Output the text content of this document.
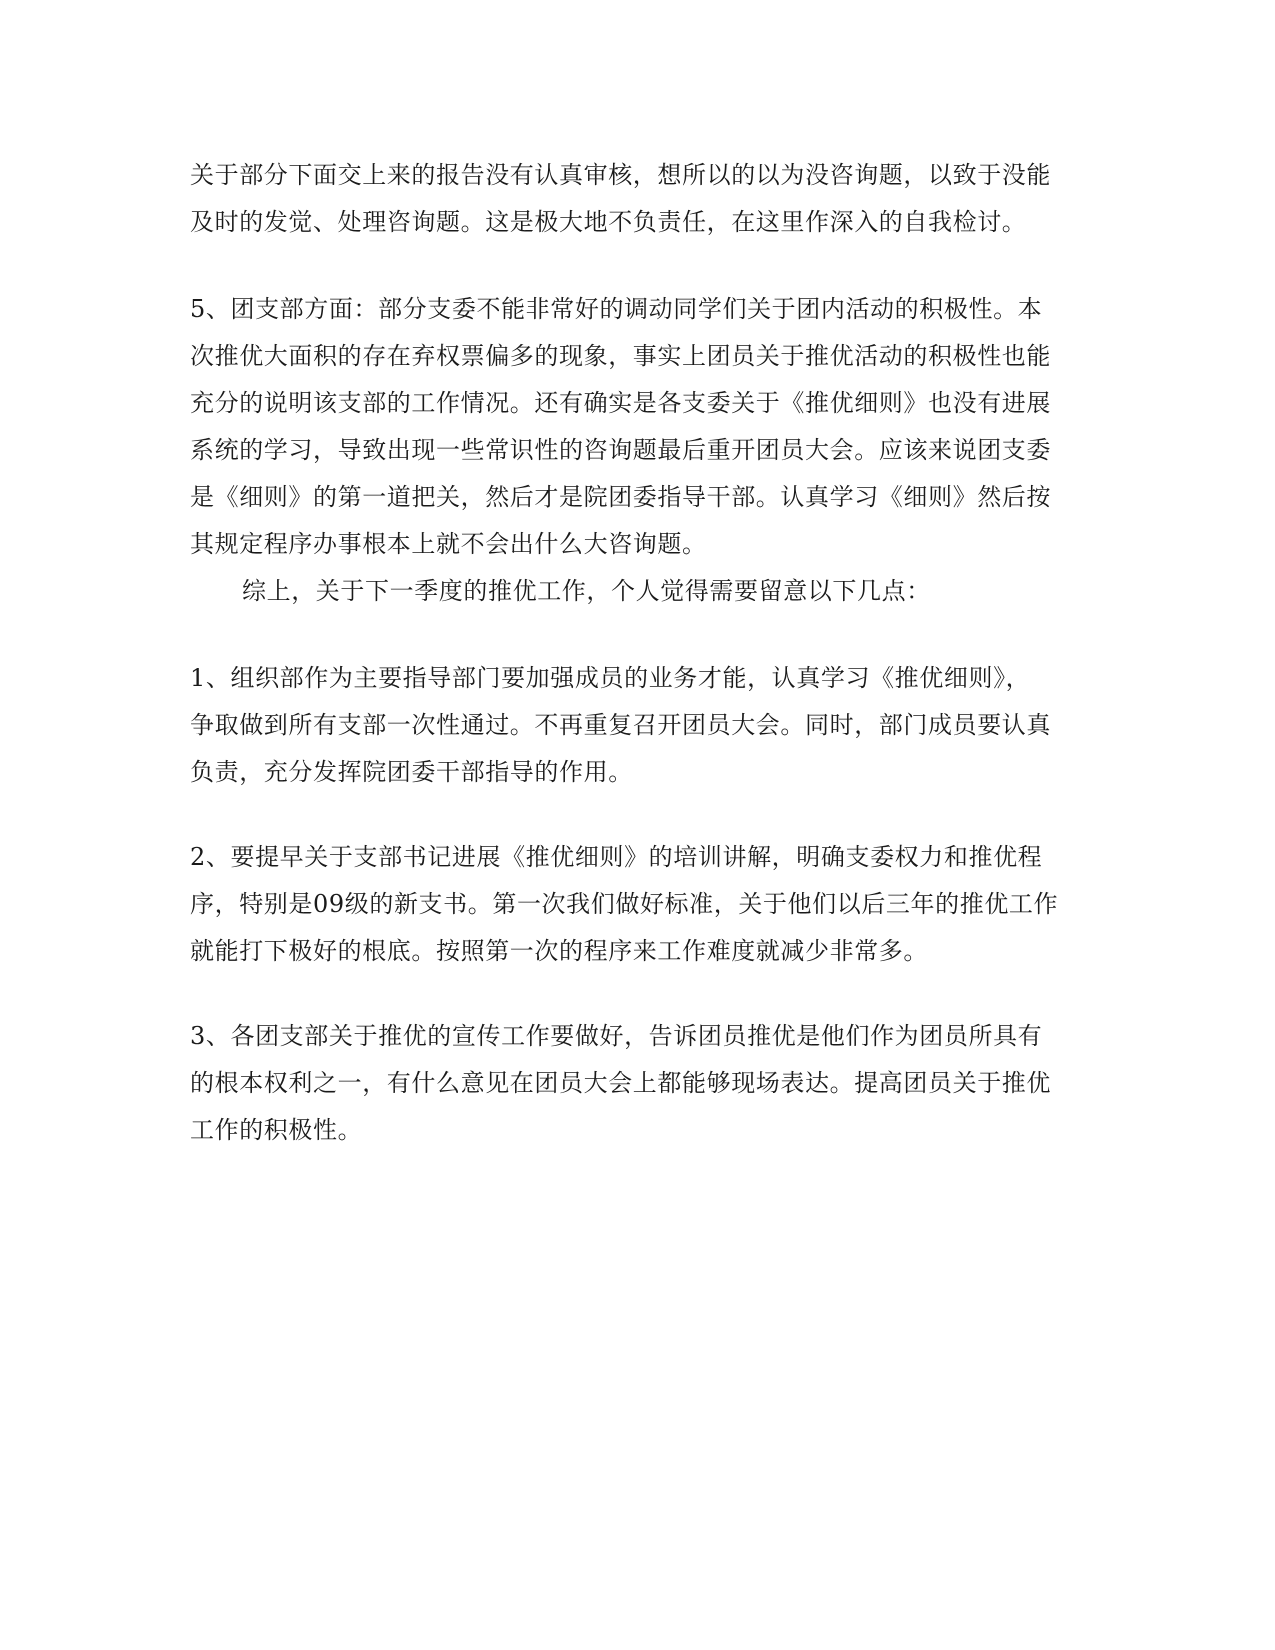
关于部分下面交上来的报告没有认真审核，想所以的以为没咨询题，以致于没能
及时的发觉、处理咨询题。这是极大地不负责任，在这里作深入的自我检讨。
5、团支部方面：部分支委不能非常好的调动同学们关于团内活动的积极性。本
次推优大面积的存在弃权票偏多的现象，事实上团员关于推优活动的积极性也能
充分的说明该支部的工作情况。还有确实是各支委关于《推优细则》也没有进展
系统的学习，导致出现一些常识性的咨询题最后重开团员大会。应该来说团支委
是《细则》的第一道把关，然后才是院团委指导干部。认真学习《细则》然后按
其规定程序办事根本上就不会出什么大咨询题。
综上，关于下一季度的推优工作，个人觉得需要留意以下几点：
1、组织部作为主要指导部门要加强成员的业务才能，认真学习《推优细则》，
争取做到所有支部一次性通过。不再重复召开团员大会。同时，部门成员要认真
负责，充分发挥院团委干部指导的作用。
2、要提早关于支部书记进展《推优细则》的培训讲解，明确支委权力和推优程
序，特别是09级的新支书。第一次我们做好标准，关于他们以后三年的推优工作
就能打下极好的根底。按照第一次的程序来工作难度就减少非常多。
3、各团支部关于推优的宣传工作要做好，告诉团员推优是他们作为团员所具有
的根本权利之一，有什么意见在团员大会上都能够现场表达。提高团员关于推优
工作的积极性。
